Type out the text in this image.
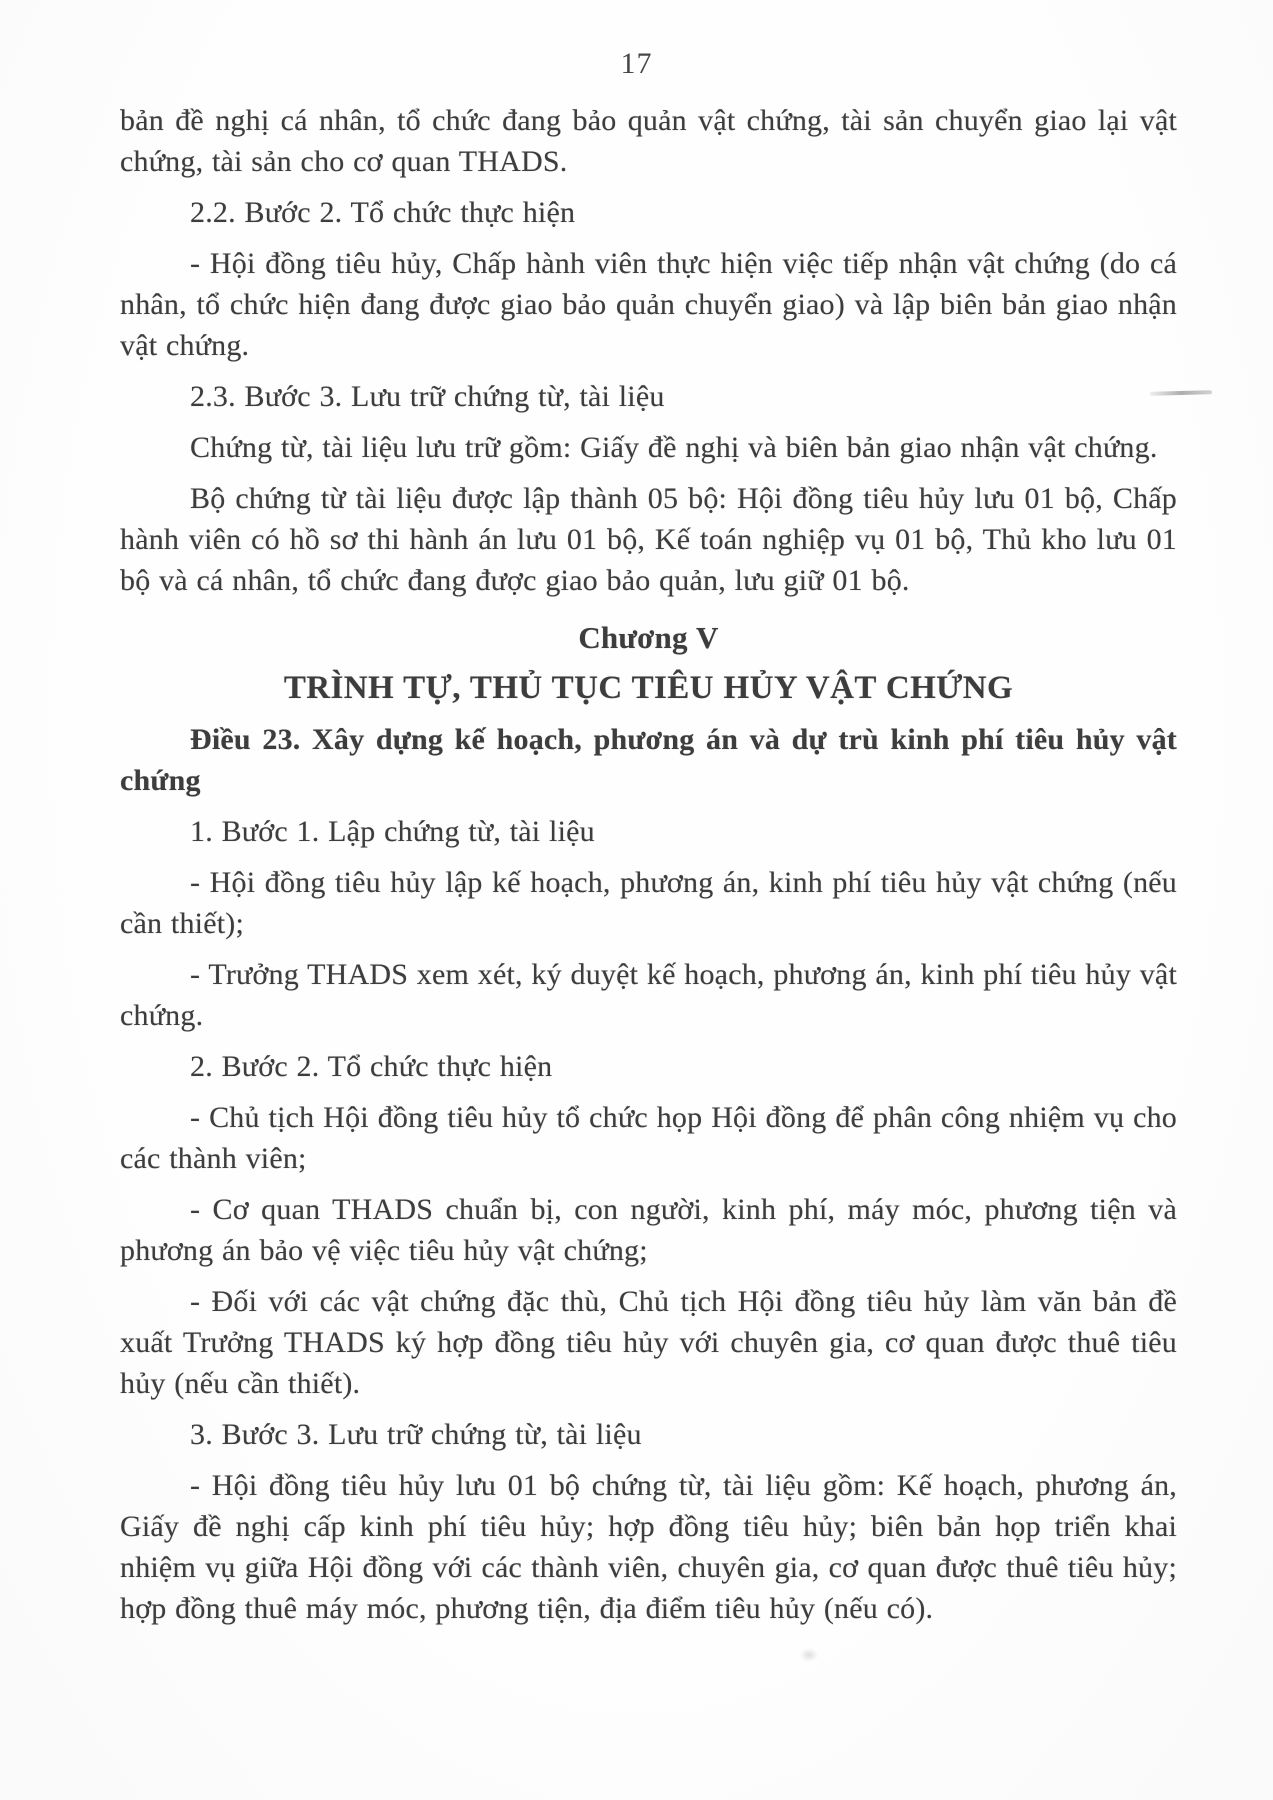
17

bản đề nghị cá nhân, tổ chức đang bảo quản vật chứng, tài sản chuyển giao lại vật chứng, tài sản cho cơ quan THADS.

2.2. Bước 2. Tổ chức thực hiện

- Hội đồng tiêu hủy, Chấp hành viên thực hiện việc tiếp nhận vật chứng (do cá nhân, tổ chức hiện đang được giao bảo quản chuyển giao) và lập biên bản giao nhận vật chứng.

2.3. Bước 3. Lưu trữ chứng từ, tài liệu

Chứng từ, tài liệu lưu trữ gồm: Giấy đề nghị và biên bản giao nhận vật chứng.

Bộ chứng từ tài liệu được lập thành 05 bộ: Hội đồng tiêu hủy lưu 01 bộ, Chấp hành viên có hồ sơ thi hành án lưu 01 bộ, Kế toán nghiệp vụ 01 bộ, Thủ kho lưu 01 bộ và cá nhân, tổ chức đang được giao bảo quản, lưu giữ 01 bộ.

Chương V

TRÌNH TỰ, THỦ TỤC TIÊU HỦY VẬT CHỨNG

Điều 23. Xây dựng kế hoạch, phương án và dự trù kinh phí tiêu hủy vật chứng

1. Bước 1. Lập chứng từ, tài liệu

- Hội đồng tiêu hủy lập kế hoạch, phương án, kinh phí tiêu hủy vật chứng (nếu cần thiết);

- Trưởng THADS xem xét, ký duyệt kế hoạch, phương án, kinh phí tiêu hủy vật chứng.

2. Bước 2. Tổ chức thực hiện

- Chủ tịch Hội đồng tiêu hủy tổ chức họp Hội đồng để phân công nhiệm vụ cho các thành viên;

- Cơ quan THADS chuẩn bị, con người, kinh phí, máy móc, phương tiện và phương án bảo vệ việc tiêu hủy vật chứng;

- Đối với các vật chứng đặc thù, Chủ tịch Hội đồng tiêu hủy làm văn bản đề xuất Trưởng THADS ký hợp đồng tiêu hủy với chuyên gia, cơ quan được thuê tiêu hủy (nếu cần thiết).

3. Bước 3. Lưu trữ chứng từ, tài liệu

- Hội đồng tiêu hủy lưu 01 bộ chứng từ, tài liệu gồm: Kế hoạch, phương án, Giấy đề nghị cấp kinh phí tiêu hủy; hợp đồng tiêu hủy; biên bản họp triển khai nhiệm vụ giữa Hội đồng với các thành viên, chuyên gia, cơ quan được thuê tiêu hủy; hợp đồng thuê máy móc, phương tiện, địa điểm tiêu hủy (nếu có).
